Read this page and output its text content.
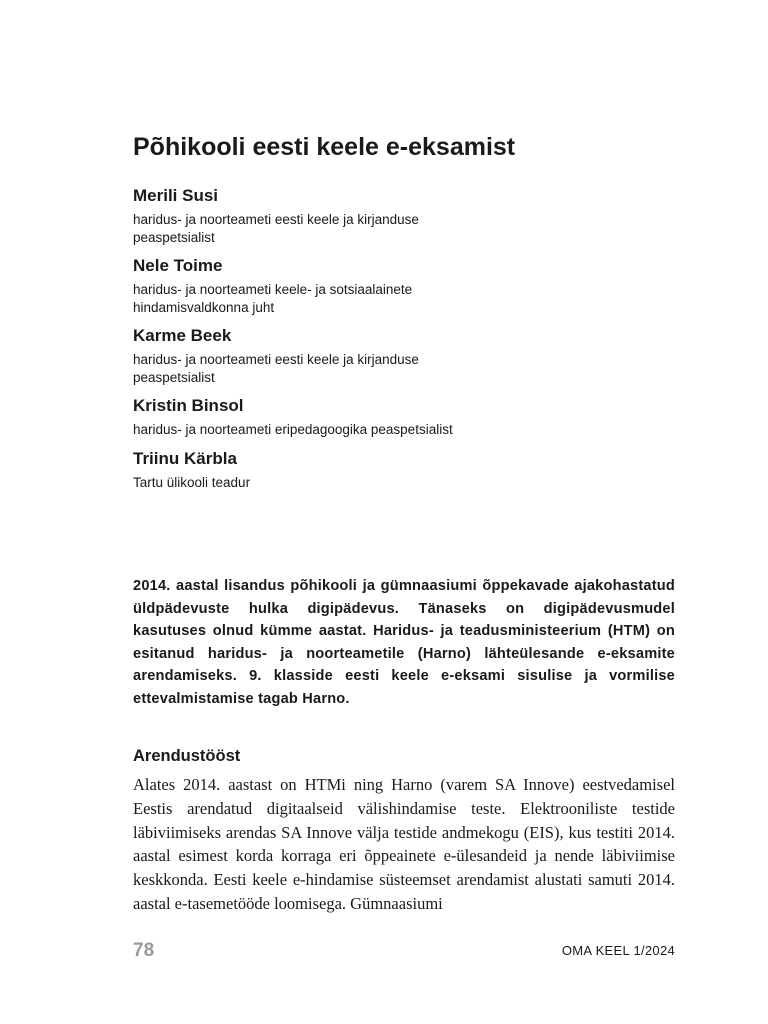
Põhikooli eesti keele e-eksamist
Merili Susi
haridus- ja noorteameti eesti keele ja kirjanduse peaspetsialist
Nele Toime
haridus- ja noorteameti keele- ja sotsiaalainete hindamisvaldkonna juht
Karme Beek
haridus- ja noorteameti eesti keele ja kirjanduse peaspetsialist
Kristin Binsol
haridus- ja noorteameti eripedagoogika peaspetsialist
Triinu Kärbla
Tartu ülikooli teadur

2014. aastal lisandus põhikooli ja gümnaasiumi õppekavade ajakohastatud üldpädevuste hulka digipädevus. Tänaseks on digipädevusmudel kasutuses olnud kümme aastat. Haridus- ja teadusministeerium (HTM) on esitanud haridus- ja noorteametile (Harno) lähteülesande e-eksamite arendamiseks. 9. klasside eesti keele e-eksami sisulise ja vormilise ettevalmistamise tagab Harno.

Arendustööst

Alates 2014. aastast on HTMi ning Harno (varem SA Innove) eestvedamisel Eestis arendatud digitaalseid välishindamise teste. Elektrooniliste testide läbiviimiseks arendas SA Innove välja testide andmekogu (EIS), kus testiti 2014. aastal esimest korda korraga eri õppeainete e-ülesandeid ja nende läbiviimise keskkonda. Eesti keele e-hindamise süsteemset arendamist alustati samuti 2014. aastal e-tasemetööde loomisega. Gümnaasiumi

78	OMA KEEL 1/2024
